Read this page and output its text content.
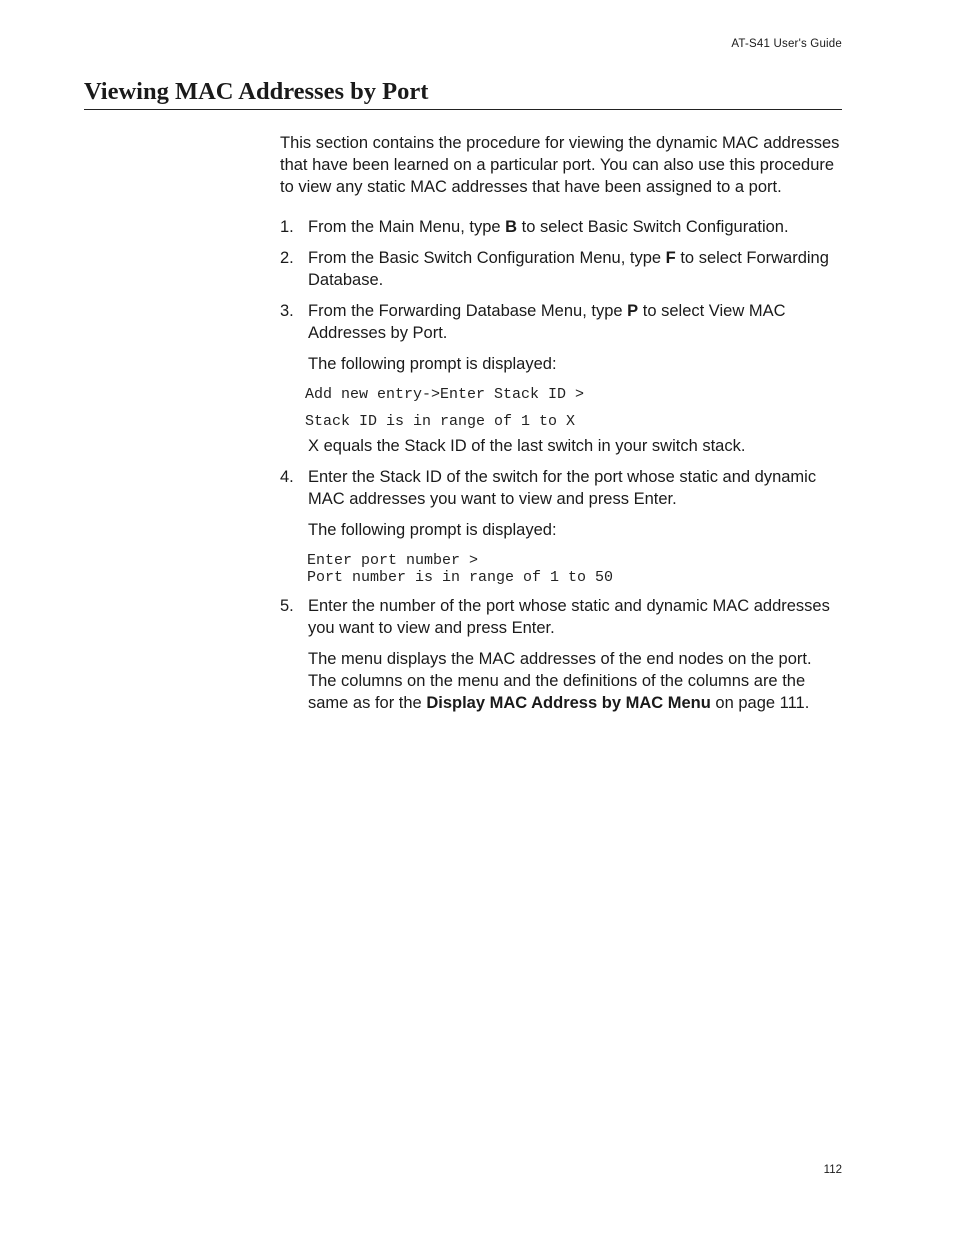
AT-S41 User's Guide
Viewing MAC Addresses by Port

This section contains the procedure for viewing the dynamic MAC addresses that have been learned on a particular port. You can also use this procedure to view any static MAC addresses that have been assigned to a port.

1. From the Main Menu, type B to select Basic Switch Configuration.

2. From the Basic Switch Configuration Menu, type F to select Forwarding Database.

3. From the Forwarding Database Menu, type P to select View MAC Addresses by Port.

The following prompt is displayed:

Add new entry->Enter Stack ID >

Stack ID is in range of 1 to X

X equals the Stack ID of the last switch in your switch stack.

4. Enter the Stack ID of the switch for the port whose static and dynamic MAC addresses you want to view and press Enter.

The following prompt is displayed:

Enter port number >

Port number is in range of 1 to 50

5. Enter the number of the port whose static and dynamic MAC addresses you want to view and press Enter.

The menu displays the MAC addresses of the end nodes on the port. The columns on the menu and the definitions of the columns are the same as for the Display MAC Address by MAC Menu on page 111.

112
